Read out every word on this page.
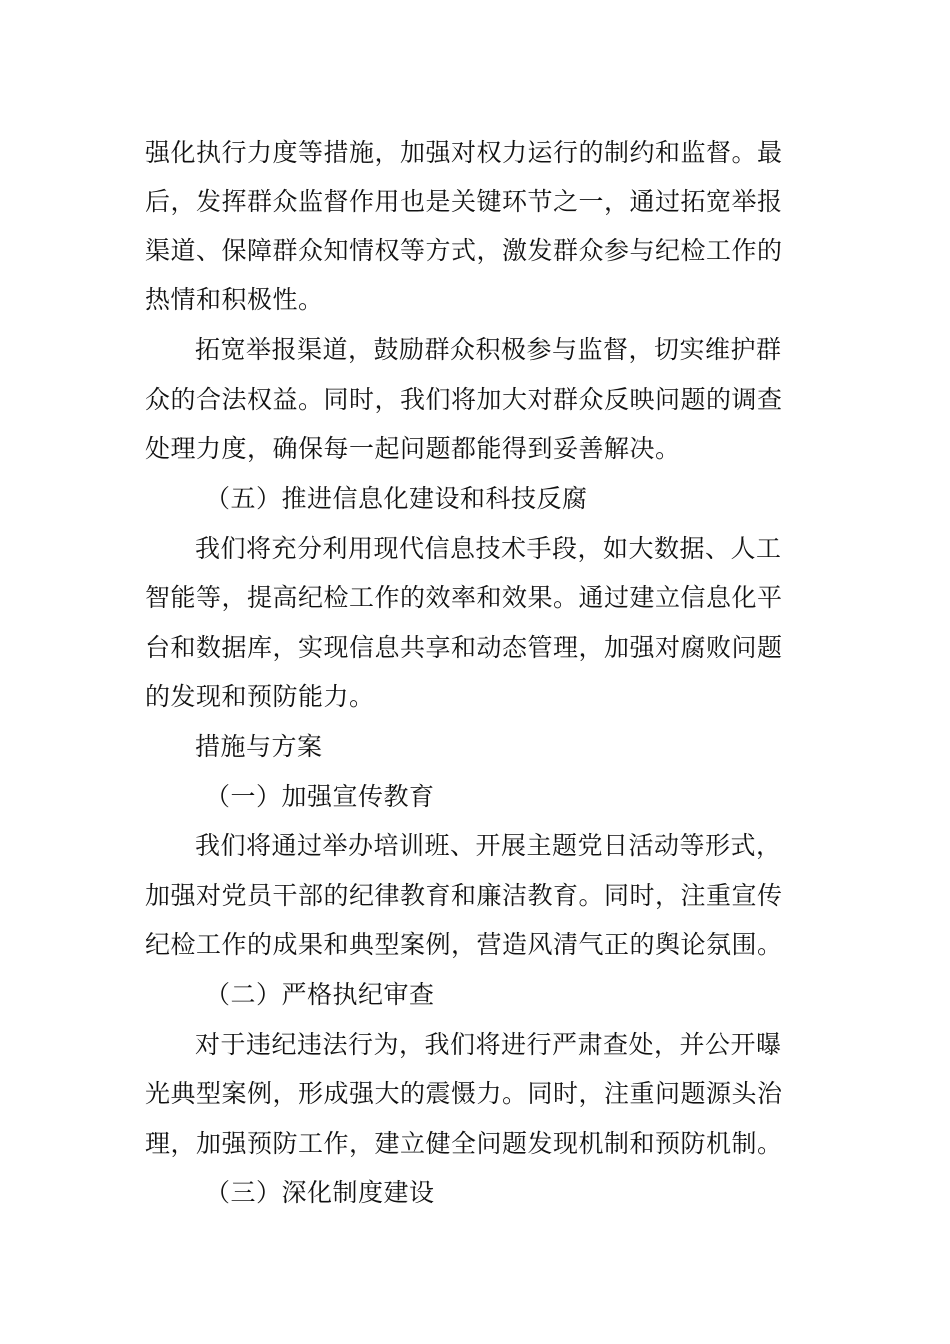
强化执行力度等措施，加强对权力运行的制约和监督。最
后，发挥群众监督作用也是关键环节之一，通过拓宽举报
渠道、保障群众知情权等方式，激发群众参与纪检工作的
热情和积极性。
拓宽举报渠道，鼓励群众积极参与监督，切实维护群
众的合法权益。同时，我们将加大对群众反映问题的调查
处理力度，确保每一起问题都能得到妥善解决。
（五）推进信息化建设和科技反腐
我们将充分利用现代信息技术手段，如大数据、人工
智能等，提高纪检工作的效率和效果。通过建立信息化平
台和数据库，实现信息共享和动态管理，加强对腐败问题
的发现和预防能力。
措施与方案
（一）加强宣传教育
我们将通过举办培训班、开展主题党日活动等形式，
加强对党员干部的纪律教育和廉洁教育。同时，注重宣传
纪检工作的成果和典型案例，营造风清气正的舆论氛围。
（二）严格执纪审查
对于违纪违法行为，我们将进行严肃查处，并公开曝
光典型案例，形成强大的震慑力。同时，注重问题源头治
理，加强预防工作，建立健全问题发现机制和预防机制。
（三）深化制度建设
